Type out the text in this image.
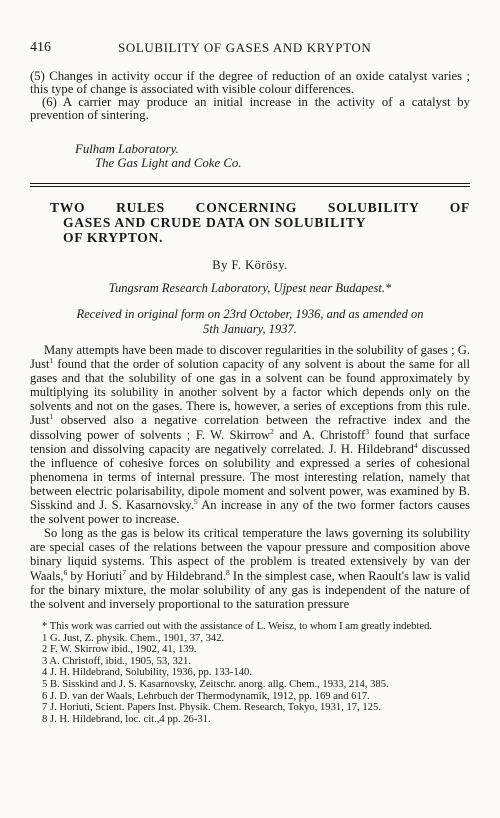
416	SOLUBILITY OF GASES AND KRYPTON

(5) Changes in activity occur if the degree of reduction of an oxide catalyst varies ; this type of change is associated with visible colour differences.

(6) A carrier may produce an initial increase in the activity of a catalyst by prevention of sintering.

Fulham Laboratory.
The Gas Light and Coke Co.
TWO RULES CONCERNING SOLUBILITY OF
GASES AND CRUDE DATA ON SOLUBILITY
OF KRYPTON.
By F. Körösy.
Tungsram Research Laboratory, Ujpest near Budapest.*
Received in original form on 23rd October, 1936, and as amended on
5th January, 1937.

Many attempts have been made to discover regularities in the solubility of gases ; G. Just$^1$ found that the order of solution capacity of any solvent is about the same for all gases and that the solubility of one gas in a solvent can be found approximately by multiplying its solubility in another solvent by a factor which depends only on the solvents and not on the gases. There is, however, a series of exceptions from this rule. Just$^1$ observed also a negative correlation between the refractive index and the dissolving power of solvents ; F. W. Skirrow$^2$ and A. Christoff$^3$ found that surface tension and dissolving capacity are negatively correlated. J. H. Hildebrand$^4$ discussed the influence of cohesive forces on solubility and expressed a series of cohesional phenomena in terms of internal pressure. The most interesting relation, namely that between electric polarisability, dipole moment and solvent power, was examined by B. Sisskind and J. S. Kasarnovsky.$^5$ An increase in any of the two former factors causes the solvent power to increase.

So long as the gas is below its critical temperature the laws governing its solubility are special cases of the relations between the vapour pressure and composition above binary liquid systems. This aspect of the problem is treated extensively by van der Waals,$^6$ by Horiuti$^7$ and by Hildebrand.$^8$ In the simplest case, when Raoult's law is valid for the binary mixture, the molar solubility of any gas is independent of the nature of the solvent and inversely proportional to the saturation pressure

* This work was carried out with the assistance of L. Weisz, to whom I am greatly indebted.
1 G. Just, Z. physik. Chem., 1901, 37, 342.
2 F. W. Skirrow ibid., 1902, 41, 139.
3 A. Christoff, ibid., 1905, 53, 321.
4 J. H. Hildebrand, Solubility, 1936, pp. 133-140.
5 B. Sisskind and J. S. Kasarnovsky, Zeitschr. anorg. allg. Chem., 1933, 214, 385.
6 J. D. van der Waals, Lehrbuch der Thermodynamik, 1912, pp. 169 and 617.
7 J. Horiuti, Scient. Papers Inst. Physik. Chem. Research, Tokyo, 1931, 17, 125.
8 J. H. Hildebrand, loc. cit.,4 pp. 26-31.
